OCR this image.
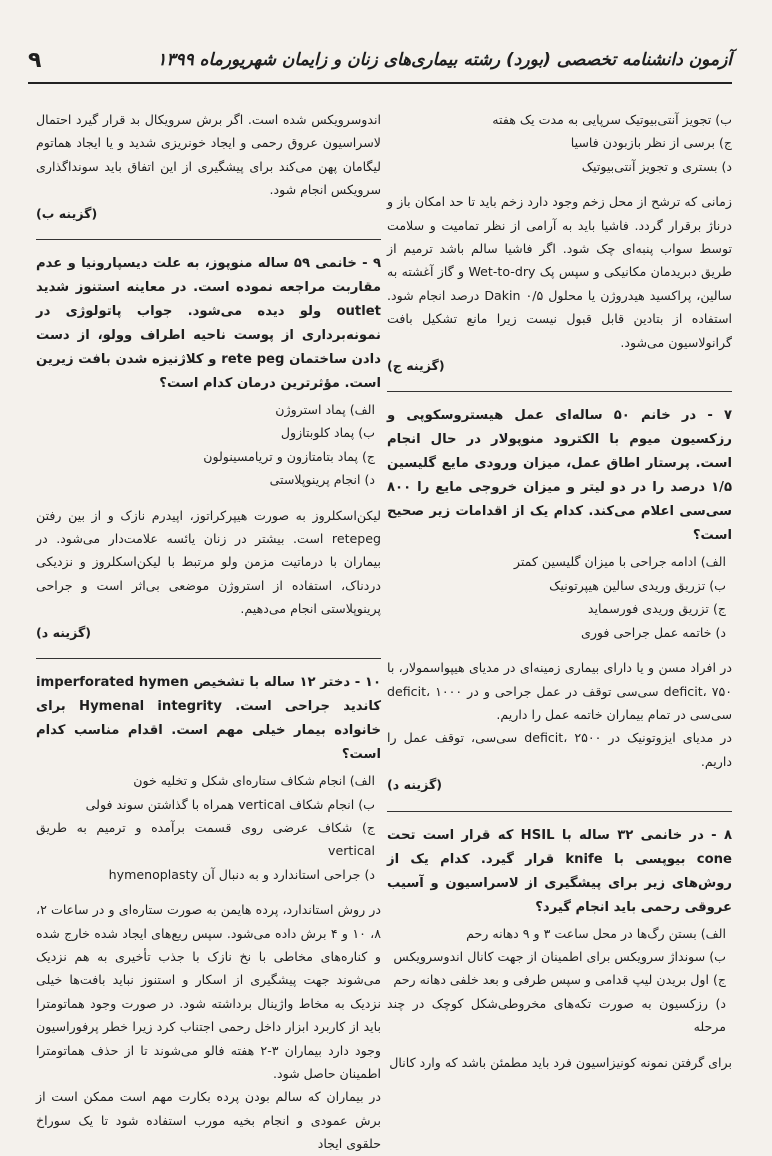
آزمون دانشنامه تخصصی (بورد) رشته بیماری‌های زنان و زایمان شهریورماه ۱۳۹۹
۹
ب) تجویز آنتی‌بیوتیک سرپایی به مدت یک هفته
ج) برسی از نظر بازبودن فاسیا
د) بستری و تجویز آنتی‌بیوتیک

زمانی که ترشح از محل زخم وجود دارد زخم باید تا حد امکان باز و درناژ برقرار گردد. فاشیا باید به آرامی از نظر تمامیت و سلامت توسط سواب پنبه‌ای چک شود. اگر فاشیا سالم باشد ترمیم از طریق دبریدمان مکانیکی و سپس پک Wet-to-dry و گاز آغشته به سالین، پراکسید هیدروژن یا محلول Dakin ۰/۵ درصد انجام شود. استفاده از بتادین قابل قبول نیست زیرا مانع تشکیل بافت گرانولاسیون می‌شود.

(گزینه ج)

۷ - در خانم ۵۰ ساله‌ای عمل هیستروسکوپی و رزکسیون میوم با الکترود منوپولار در حال انجام است. پرستار اطاق عمل، میزان ورودی مایع گلیسین ۱/۵ درصد را در دو لیتر و میزان خروجی مایع را ۸۰۰ سی‌سی اعلام می‌کند. کدام یک از اقدامات زیر صحیح است؟

الف) ادامه جراحی با میزان گلیسین کمتر
ب) تزریق وریدی سالین هیپرتونیک
ج) تزریق وریدی فورسماید
د) خاتمه عمل جراحی فوری

در افراد مسن و یا دارای بیماری زمینه‌ای در مدیای هیپواسمولار، با deficit، ۷۵۰ سی‌سی توقف در عمل جراحی و در deficit، ۱۰۰۰ سی‌سی در تمام بیماران خاتمه عمل را داریم.

در مدیای ایزوتونیک در deficit، ۲۵۰۰ سی‌سی، توقف عمل را داریم.

(گزینه د)

۸ - در خانمی ۳۲ ساله با HSIL که قرار است تحت cone بیوپسی با knife قرار گیرد. کدام یک از روش‌های زیر برای پیشگیری از لاسراسیون و آسیب عروقی رحمی باید انجام گیرد؟

الف) بستن رگ‌ها در محل ساعت ۳ و ۹ دهانه رحم
ب) سونداژ سرویکس برای اطمینان از جهت کانال اندوسرویکس
ج) اول بریدن لیپ قدامی و سپس طرفی و بعد خلفی دهانه رحم
د) رزکسیون به صورت تکه‌های مخروطی‌شکل کوچک در چند مرحله

برای گرفتن نمونه کونیزاسیون فرد باید مطمئن باشد که وارد کانال

اندوسرویکس شده است. اگر برش سرویکال بد قرار گیرد احتمال لاسراسیون عروق رحمی و ایجاد خونریزی شدید و یا ایجاد هماتوم لیگامان پهن می‌کند برای پیشگیری از این اتفاق باید سونداگذاری سرویکس انجام شود.

(گزینه ب)

۹ - خانمی ۵۹ ساله منوپوز، به علت دیسپارونیا و عدم مقاربت مراجعه نموده است. در معاینه استنوز شدید outlet ولو دیده می‌شود. جواب پاتولوژی در نمونه‌برداری از پوست ناحیه اطراف وولو، از دست دادن ساختمان rete peg و کلاژنیزه شدن بافت زیرین است. مؤثرترین درمان کدام است؟

الف) پماد استروژن
ب) پماد کلوبتازول
ج) پماد بتامتازون و تریامسینولون
د) انجام پرینوپلاستی

لیکن‌اسکلروز به صورت هیپرکراتوز، اپیدرم نازک و از بین رفتن retepeg است. بیشتر در زنان یائسه علامت‌دار می‌شود. در بیماران با درماتیت مزمن ولو مرتبط با لیکن‌اسکلروز و نزدیکی دردناک، استفاده از استروژن موضعی بی‌اثر است و جراحی پرینوپلاستی انجام می‌دهیم.

(گزینه د)

۱۰ - دختر ۱۲ ساله با تشخیص imperforated hymen کاندید جراحی است. Hymenal integrity برای خانواده بیمار خیلی مهم است. اقدام مناسب کدام است؟

الف) انجام شکاف ستاره‌ای شکل و تخلیه خون
ب) انجام شکاف vertical همراه با گذاشتن سوند فولی
ج) شکاف عرضی روی قسمت برآمده و ترمیم به طریق vertical
د) جراحی استاندارد و به دنبال آن hymenoplasty

در روش استاندارد، پرده هایمن به صورت ستاره‌ای و در ساعات ۲، ۸، ۱۰ و ۴ برش داده می‌شود. سپس ربع‌های ایجاد شده خارج شده و کناره‌های مخاطی با نخ نازک با جذب تأخیری به هم نزدیک می‌شوند جهت پیشگیری از اسکار و استنوز نباید بافت‌ها خیلی نزدیک به مخاط واژینال برداشته شود. در صورت وجود هماتومترا باید از کاربرد ابزار داخل رحمی اجتناب کرد زیرا خطر پرفوراسیون وجود دارد بیماران ۳-۲ هفته فالو می‌شوند تا از حذف هماتومترا اطمینان حاصل شود.

در بیماران که سالم بودن پرده بکارت مهم است ممکن است از برش عمودی و انجام بخیه مورب استفاده شود تا یک سوراخ حلقوی ایجاد
